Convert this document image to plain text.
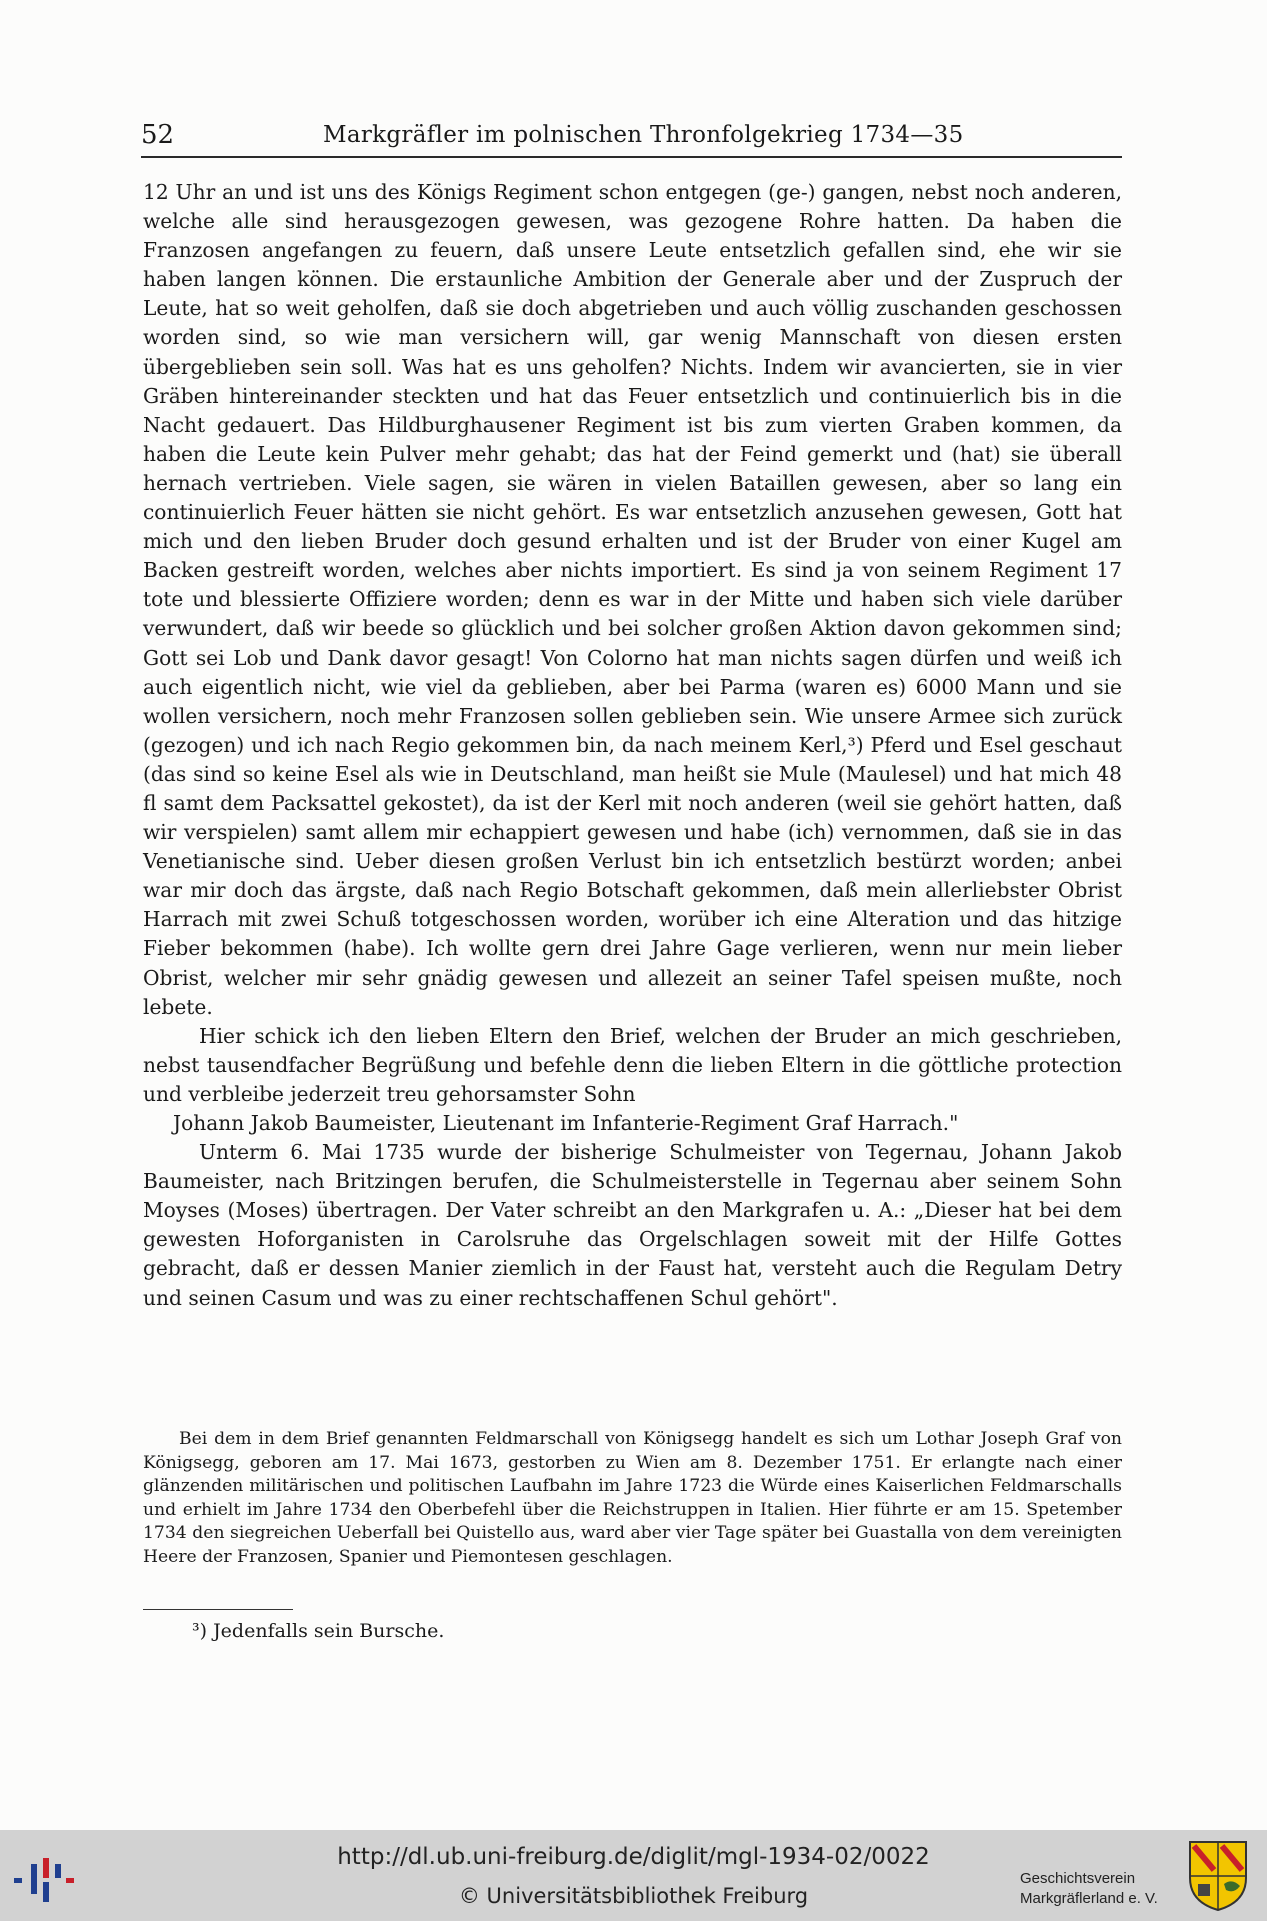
52	Markgräfler im polnischen Thronfolgekrieg 1734—35

12 Uhr an und ist uns des Königs Regiment schon entgegen (ge-) gangen, nebst noch anderen, welche alle sind herausgezogen gewesen, was gezogene Rohre hatten. Da haben die Franzosen angefangen zu feuern, daß unsere Leute entsetzlich gefallen sind, ehe wir sie haben langen können. Die erstaunliche Ambition der Generale aber und der Zuspruch der Leute, hat so weit geholfen, daß sie doch abgetrieben und auch völlig zuschanden geschossen worden sind, so wie man versichern will, gar wenig Mannschaft von diesen ersten übergeblieben sein soll. Was hat es uns geholfen? Nichts. Indem wir avancierten, sie in vier Gräben hintereinander steckten und hat das Feuer entsetzlich und continuierlich bis in die Nacht gedauert. Das Hildburghausener Regiment ist bis zum vierten Graben kommen, da haben die Leute kein Pulver mehr gehabt; das hat der Feind gemerkt und (hat) sie überall hernach vertrieben. Viele sagen, sie wären in vielen Bataillen gewesen, aber so lang ein continuierlich Feuer hätten sie nicht gehört. Es war entsetzlich anzusehen gewesen, Gott hat mich und den lieben Bruder doch gesund erhalten und ist der Bruder von einer Kugel am Backen gestreift worden, welches aber nichts importiert. Es sind ja von seinem Regiment 17 tote und blessierte Offiziere worden; denn es war in der Mitte und haben sich viele darüber verwundert, daß wir beede so glücklich und bei solcher großen Aktion davon gekommen sind; Gott sei Lob und Dank davor gesagt! Von Colorno hat man nichts sagen dürfen und weiß ich auch eigentlich nicht, wie viel da geblieben, aber bei Parma (waren es) 6000 Mann und sie wollen versichern, noch mehr Franzosen sollen geblieben sein. Wie unsere Armee sich zurück (gezogen) und ich nach Regio gekommen bin, da nach meinem Kerl,³) Pferd und Esel geschaut (das sind so keine Esel als wie in Deutschland, man heißt sie Mule (Maulesel) und hat mich 48 fl samt dem Packsattel gekostet), da ist der Kerl mit noch anderen (weil sie gehört hatten, daß wir verspielen) samt allem mir echappiert gewesen und habe (ich) vernommen, daß sie in das Venetianische sind. Ueber diesen großen Verlust bin ich entsetzlich bestürzt worden; anbei war mir doch das ärgste, daß nach Regio Botschaft gekommen, daß mein allerliebster Obrist Harrach mit zwei Schuß totgeschossen worden, worüber ich eine Alteration und das hitzige Fieber bekommen (habe). Ich wollte gern drei Jahre Gage verlieren, wenn nur mein lieber Obrist, welcher mir sehr gnädig gewesen und allezeit an seiner Tafel speisen mußte, noch lebete.

Hier schick ich den lieben Eltern den Brief, welchen der Bruder an mich geschrieben, nebst tausendfacher Begrüßung und befehle denn die lieben Eltern in die göttliche protection und verbleibe jederzeit treu gehorsamster Sohn

Johann Jakob Baumeister, Lieutenant im Infanterie-Regiment Graf Harrach."

Unterm 6. Mai 1735 wurde der bisherige Schulmeister von Tegernau, Johann Jakob Baumeister, nach Britzingen berufen, die Schulmeisterstelle in Tegernau aber seinem Sohn Moyses (Moses) übertragen. Der Vater schreibt an den Markgrafen u. A.: „Dieser hat bei dem gewesten Hoforganisten in Carolsruhe das Orgelschlagen soweit mit der Hilfe Gottes gebracht, daß er dessen Manier ziemlich in der Faust hat, versteht auch die Regulam Detry und seinen Casum und was zu einer rechtschaffenen Schul gehört".

Bei dem in dem Brief genannten Feldmarschall von Königsegg handelt es sich um Lothar Joseph Graf von Königsegg, geboren am 17. Mai 1673, gestorben zu Wien am 8. Dezember 1751. Er erlangte nach einer glänzenden militärischen und politischen Laufbahn im Jahre 1723 die Würde eines Kaiserlichen Feldmarschalls und erhielt im Jahre 1734 den Oberbefehl über die Reichstruppen in Italien. Hier führte er am 15. Spetember 1734 den siegreichen Ueberfall bei Quistello aus, ward aber vier Tage später bei Guastalla von dem vereinigten Heere der Franzosen, Spanier und Piemontesen geschlagen.
³) Jedenfalls sein Bursche.
http://dl.ub.uni-freiburg.de/diglit/mgl-1934-02/0022
© Universitätsbibliothek Freiburg
Geschichtsverein
Markgräflerland e. V.
